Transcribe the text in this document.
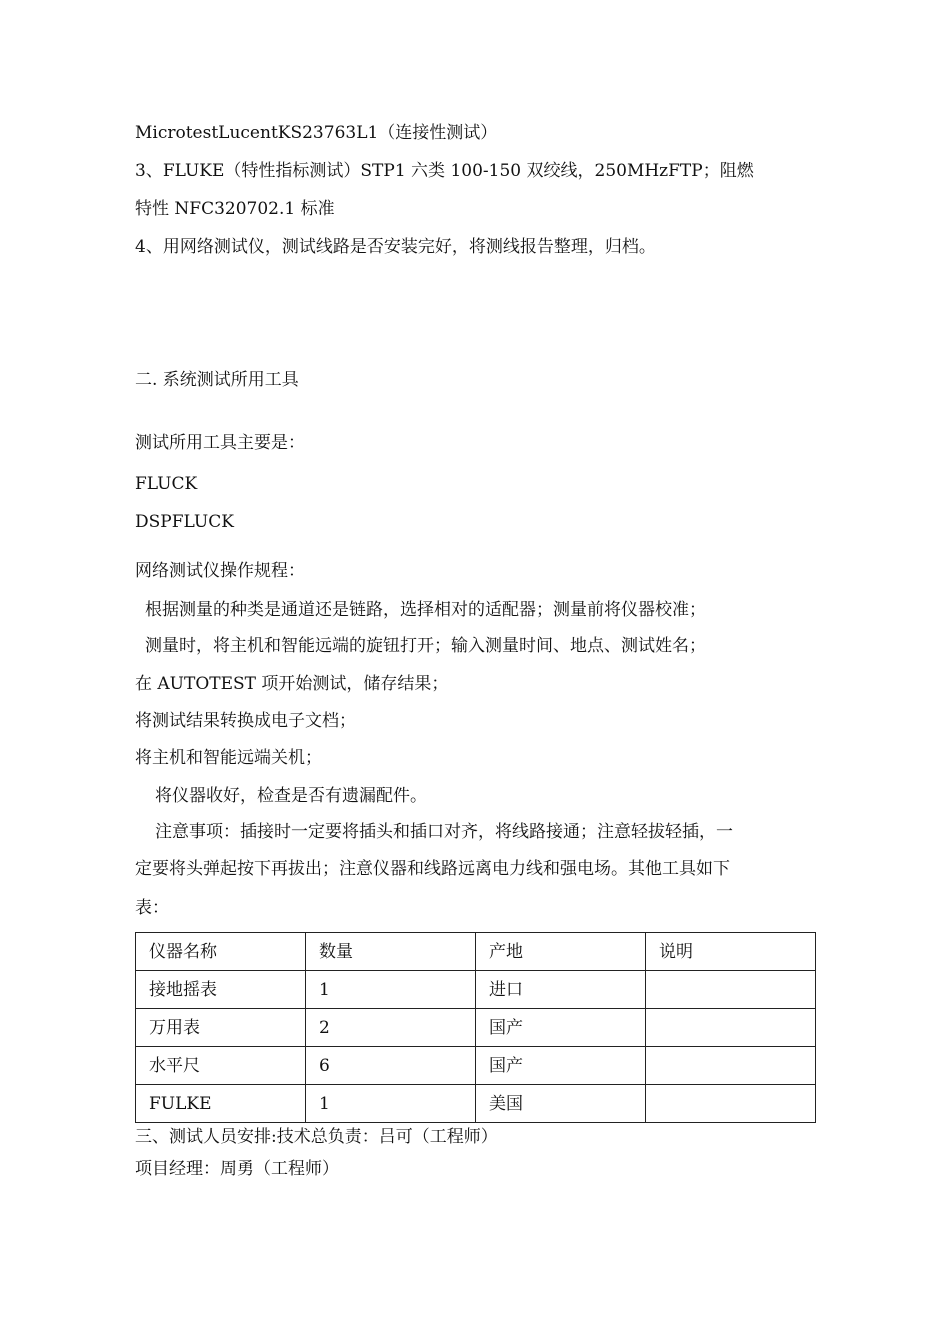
MicrotestLucentKS23763L1（连接性测试）
3、FLUKE（特性指标测试）STP1 六类 100-150 双绞线，250MHzFTP；阻燃
特性 NFC320702.1 标准
4、用网络测试仪，测试线路是否安装完好，将测线报告整理，归档。
二. 系统测试所用工具
测试所用工具主要是：
FLUCK
DSPFLUCK
网络测试仪操作规程：
根据测量的种类是通道还是链路，选择相对的适配器；测量前将仪器校准；
测量时，将主机和智能远端的旋钮打开；输入测量时间、地点、测试姓名；
在 AUTOTEST 项开始测试，储存结果；
将测试结果转换成电子文档；
将主机和智能远端关机；
将仪器收好，检查是否有遗漏配件。
注意事项：插接时一定要将插头和插口对齐，将线路接通；注意轻拔轻插，一
定要将头弹起按下再拔出；注意仪器和线路远离电力线和强电场。其他工具如下
表：
仪器名称	数量	产地	说明
接地摇表	1	进口	
万用表	2	国产	
水平尺	6	国产	
FULKE	1	美国	
三、测试人员安排:技术总负责：吕可（工程师）
项目经理：周勇（工程师）
